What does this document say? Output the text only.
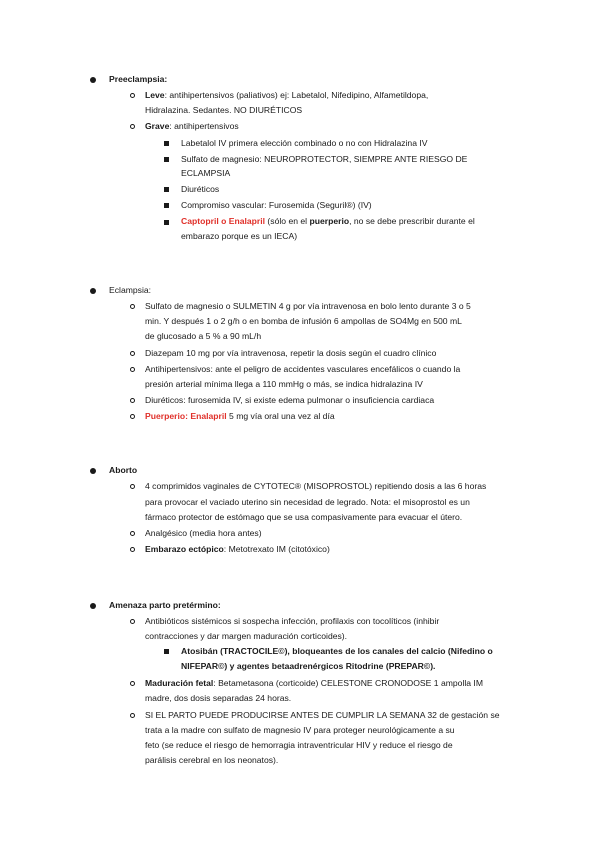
Preeclampsia:
Leve: antihipertensivos (paliativos) ej: Labetalol, Nifedipino, Alfametildopa,
Hidralazina. Sedantes. NO DIURÉTICOS
Grave: antihipertensivos
Labetalol IV primera elección combinado o no con Hidralazina IV
Sulfato de magnesio: NEUROPROTECTOR, SIEMPRE ANTE RIESGO DE
ECLAMPSIA
Diuréticos
Compromiso vascular: Furosemida (Seguril®) (IV)
Captopril o Enalapril (sólo en el puerperio, no se debe prescribir durante el
embarazo porque es un IECA)
Eclampsia:
Sulfato de magnesio o SULMETIN 4 g por vía intravenosa en bolo lento durante 3 o 5
min. Y después 1 o 2 g/h o en bomba de infusión 6 ampollas de SO4Mg en 500 mL
de glucosado a 5 % a 90 mL/h
Diazepam 10 mg por vía intravenosa, repetir la dosis según el cuadro clínico
Antihipertensivos: ante el peligro de accidentes vasculares encefálicos o cuando la
presión arterial mínima llega a 110 mmHg o más, se indica hidralazina IV
Diuréticos: furosemida IV, si existe edema pulmonar o insuficiencia cardiaca
Puerperio: Enalapril 5 mg vía oral una vez al día
Aborto
4 comprimidos vaginales de CYTOTEC® (MISOPROSTOL) repitiendo dosis a las 6 horas
para provocar el vaciado uterino sin necesidad de legrado. Nota: el misoprostol es un
fármaco protector de estómago que se usa compasivamente para evacuar el útero.
Analgésico (media hora antes)
Embarazo ectópico: Metotrexato IM (citotóxico)
Amenaza parto pretérmino:
Antibióticos sistémicos si sospecha infección, profilaxis con tocolíticos (inhibir
contracciones y dar margen maduración corticoides).
Atosibán (TRACTOCILE©), bloqueantes de los canales del calcio (Nifedino o
NIFEPAR©) y agentes betaadrenérgicos Ritodrine (PREPAR©).
Maduración fetal: Betametasona (corticoide) CELESTONE CRONODOSE 1 ampolla IM
madre, dos dosis separadas 24 horas.
SI EL PARTO PUEDE PRODUCIRSE ANTES DE CUMPLIR LA SEMANA 32 de gestación se
trata a la madre con sulfato de magnesio IV para proteger neurológicamente a su
feto (se reduce el riesgo de hemorragia intraventricular HIV y reduce el riesgo de
parálisis cerebral en los neonatos).
